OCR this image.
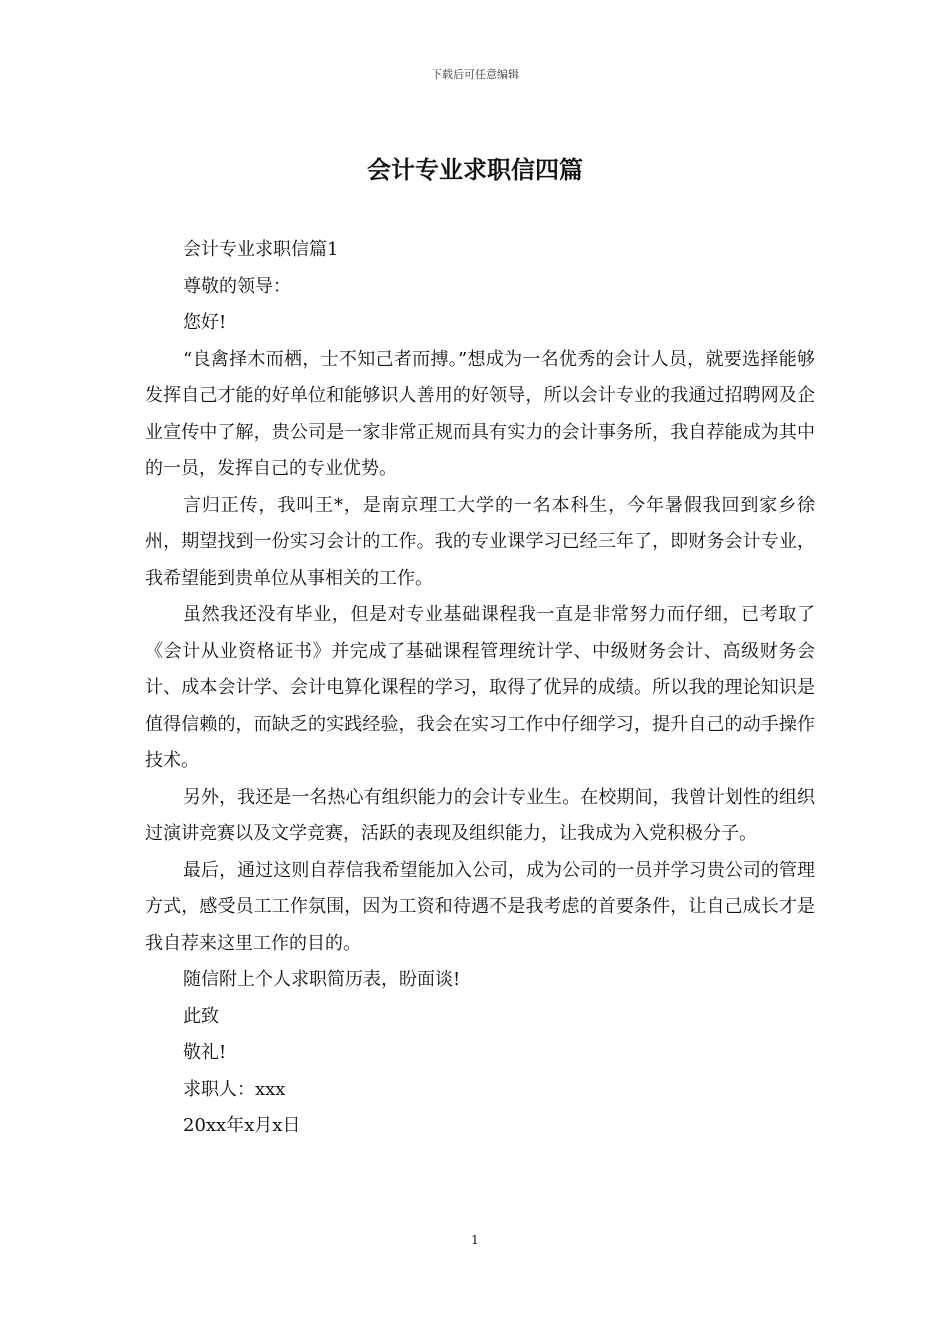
下载后可任意编辑
会计专业求职信四篇

会计专业求职信篇1

尊敬的领导：

您好!

“良禽择木而栖，士不知己者而搏。”想成为一名优秀的会计人员，就要选择能够发挥自己才能的好单位和能够识人善用的好领导，所以会计专业的我通过招聘网及企业宣传中了解，贵公司是一家非常正规而具有实力的会计事务所，我自荐能成为其中的一员，发挥自己的专业优势。

言归正传，我叫王*，是南京理工大学的一名本科生，今年暑假我回到家乡徐州，期望找到一份实习会计的工作。我的专业课学习已经三年了，即财务会计专业，我希望能到贵单位从事相关的工作。

虽然我还没有毕业，但是对专业基础课程我一直是非常努力而仔细，已考取了《会计从业资格证书》并完成了基础课程管理统计学、中级财务会计、高级财务会计、成本会计学、会计电算化课程的学习，取得了优异的成绩。所以我的理论知识是值得信赖的，而缺乏的实践经验，我会在实习工作中仔细学习，提升自己的动手操作技术。

另外，我还是一名热心有组织能力的会计专业生。在校期间，我曾计划性的组织过演讲竞赛以及文学竞赛，活跃的表现及组织能力，让我成为入党积极分子。

最后，通过这则自荐信我希望能加入公司，成为公司的一员并学习贵公司的管理方式，感受员工工作氛围，因为工资和待遇不是我考虑的首要条件，让自己成长才是我自荐来这里工作的目的。

随信附上个人求职简历表，盼面谈!

此致

敬礼!

求职人：xxx

20xx年x月x日

1
